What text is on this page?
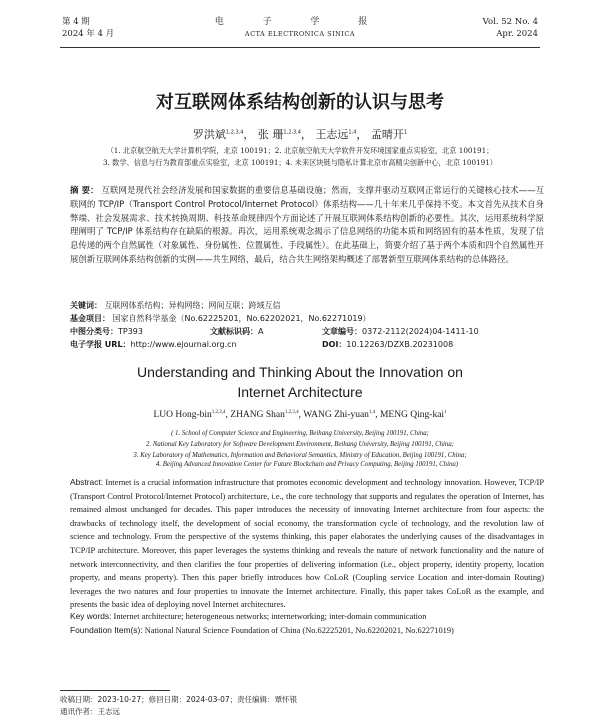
第 4 期
2024 年 4 月
电 子 学 报
ACTA ELECTRONICA SINICA
Vol. 52 No. 4
Apr. 2024
对互联网体系结构创新的认识与思考
罗洪斌$^{1,2,3,4}$， 张 珊$^{1,2,3,4}$， 王志远$^{1,4}$， 孟晴开$^1$
（1. 北京航空航天大学计算机学院，北京 100191；2. 北京航空航天大学软件开发环境国家重点实验室，北京 100191；
3. 数学、信息与行为教育部重点实验室，北京 100191；4. 未来区块链与隐私计算北京市高精尖创新中心，北京 100191）
摘 要： 互联网是现代社会经济发展和国家数据的重要信息基础设施；然而，支撑并驱动互联网正常运行的关键核心技术——互联网的 TCP/IP（Transport Control Protocol/Internet Protocol）体系结构——几十年来几乎保持不变。本文首先从技术自身弊端、社会发展需求、技术转换周期、科技革命规律四个方面论述了开展互联网体系结构创新的必要性。其次，运用系统科学原理阐明了 TCP/IP 体系结构存在缺陷的根源。再次，运用系统观念揭示了信息网络的功能本质和网络固有的基本性质，发现了信息传递的两个自然属性（对象属性、身份属性、位置属性、手段属性）。在此基础上，简要介绍了基于两个本质和四个自然属性开展创新互联网体系结构创新的实例——共生网络，最后，结合共生网络架构概述了部署新型互联网体系结构的总体路径。
关键词： 互联网体系结构；异构网络；网间互联；跨域互信
基金项目： 国家自然科学基金（No.62225201，No.62202021，No.62271019）
中图分类号：TP393	文献标识码：A	文章编号：0372-2112(2024)04-1411-10
电子学报 URL：http://www.ejournal.org.cn	DOI：10.12263/DZXB.20231008
Understanding and Thinking About the Innovation on
Internet Architecture
LUO Hong-bin$^{1,2,3,4}$, ZHANG Shan$^{1,2,3,4}$, WANG Zhi-yuan$^{1,4}$, MENG Qing-kai$^1$
( 1. School of Computer Science and Engineering, Beihang University, Beijing 100191, China;
2. National Key Laboratory for Software Development Environment, Beihang University, Beijing 100191, China;
3. Key Laboratory of Mathematics, Information and Behavioral Semantics, Ministry of Education, Beijing 100191, China;
4. Beijing Advanced Innovation Center for Future Blockchain and Privacy Computing, Beijing 100191, China)
Abstract: Internet is a crucial information infrastructure that promotes economic development and technology innovation. However, TCP/IP (Transport Control Protocol/Internet Protocol) architecture, i.e., the core technology that supports and regulates the operation of Internet, has remained almost unchanged for decades. This paper introduces the necessity of innovating Internet architecture from four aspects: the drawbacks of technology itself, the development of social economy, the transformation cycle of technology, and the revolution law of science and technology. From the perspective of the systems thinking, this paper elaborates the underlying causes of the disadvantages in TCP/IP architecture. Moreover, this paper leverages the systems thinking and reveals the nature of network functionality and the nature of network interconnectivity, and then clarifies the four properties of delivering information (i.e., object property, identity property, location property, and means property). Then this paper briefly introduces how CoLoR (Coupling service Location and inter-domain Routing) leverages the two natures and four properties to innovate the Internet architecture. Finally, this paper takes CoLoR as the example, and presents the basic idea of deploying novel Internet architectures.
Key words: Internet architecture; heterogeneous networks; internetworking; inter-domain communication
Foundation Item(s): National Natural Science Foundation of China (No.62225201, No.62202021, No.62271019)
收稿日期：2023-10-27；修回日期：2024-03-07；责任编辑：覃怀银
通讯作者：王志远
